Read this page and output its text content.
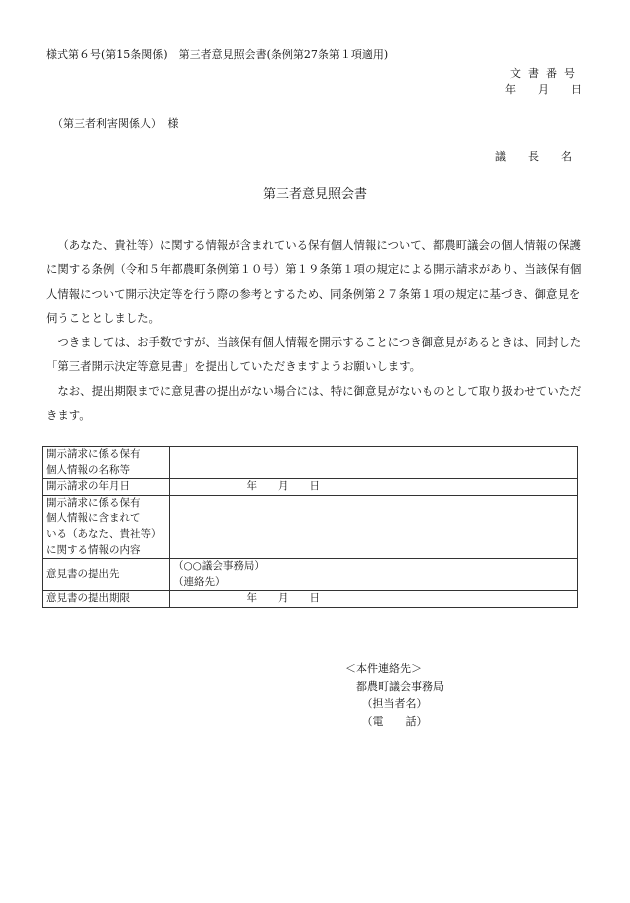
様式第６号(第15条関係)　第三者意見照会書(条例第27条第１項適用)
文書番号
年　　月　　日
（第三者利害関係人）　様
議　　長　　名
第三者意見照会書

（あなた、貴社等）に関する情報が含まれている保有個人情報について、都農町議会の個人情報の保護に関する条例（令和５年都農町条例第１０号）第１９条第１項の規定による開示請求があり、当該保有個人情報について開示決定等を行う際の参考とするため、同条例第２７条第１項の規定に基づき、御意見を伺うこととしました。

つきましては、お手数ですが、当該保有個人情報を開示することにつき御意見があるときは、同封した「第三者開示決定等意見書」を提出していただきますようお願いします。

なお、提出期限までに意見書の提出がない場合には、特に御意見がないものとして取り扱わせていただきます。

開示請求に係る保有
個人情報の名称等	

開示請求の年月日	　　　　　　　年　　月　　日

開示請求に係る保有
個人情報に含まれて
いる（あなた、貴社等）
に関する情報の内容	

意見書の提出先	（○○議会事務局）
（連絡先）

意見書の提出期限	　　　　　　　年　　月　　日
＜本件連絡先＞
　都農町議会事務局
　　（担当者名）
　　（電　　話）
